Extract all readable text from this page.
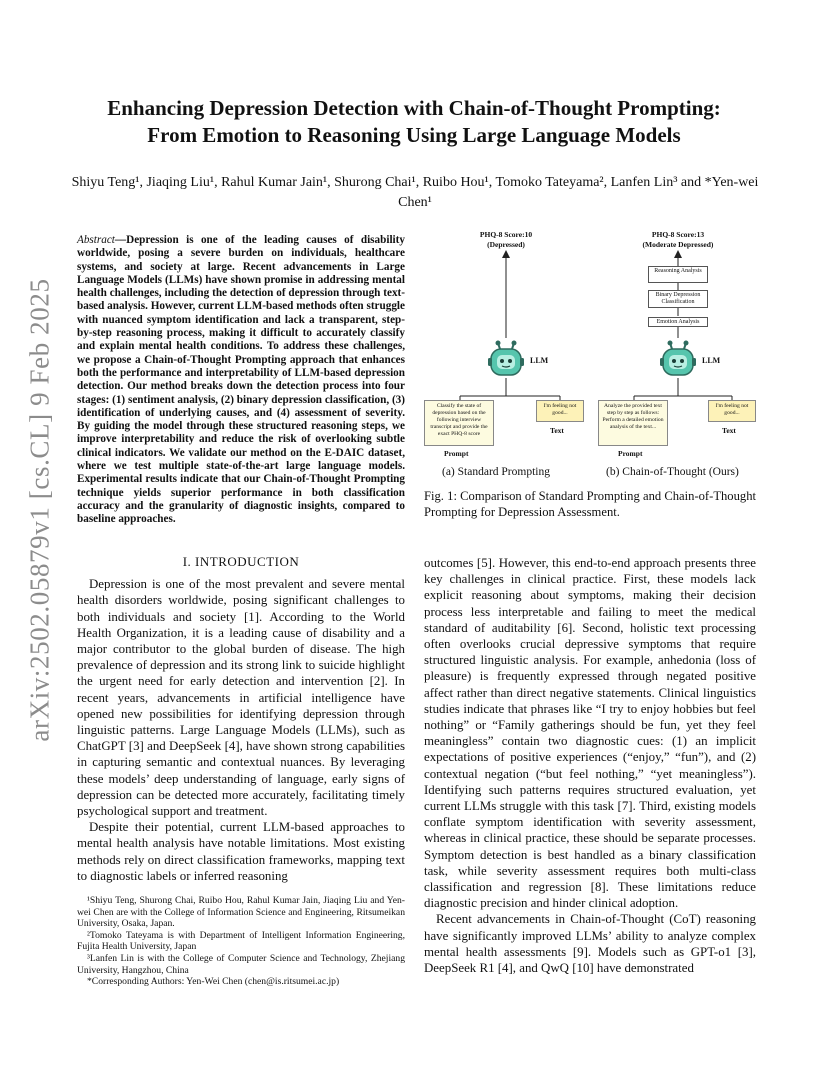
arXiv:2502.05879v1 [cs.CL] 9 Feb 2025
Enhancing Depression Detection with Chain-of-Thought Prompting: From Emotion to Reasoning Using Large Language Models
Shiyu Teng¹, Jiaqing Liu¹, Rahul Kumar Jain¹, Shurong Chai¹, Ruibo Hou¹, Tomoko Tateyama², Lanfen Lin³ and *Yen-wei Chen¹
Abstract—Depression is one of the leading causes of disability worldwide, posing a severe burden on individuals, healthcare systems, and society at large. Recent advancements in Large Language Models (LLMs) have shown promise in addressing mental health challenges, including the detection of depression through text-based analysis. However, current LLM-based methods often struggle with nuanced symptom identification and lack a transparent, step-by-step reasoning process, making it difficult to accurately classify and explain mental health conditions. To address these challenges, we propose a Chain-of-Thought Prompting approach that enhances both the performance and interpretability of LLM-based depression detection. Our method breaks down the detection process into four stages: (1) sentiment analysis, (2) binary depression classification, (3) identification of underlying causes, and (4) assessment of severity. By guiding the model through these structured reasoning steps, we improve interpretability and reduce the risk of overlooking subtle clinical indicators. We validate our method on the E-DAIC dataset, where we test multiple state-of-the-art large language models. Experimental results indicate that our Chain-of-Thought Prompting technique yields superior performance in both classification accuracy and the granularity of diagnostic insights, compared to baseline approaches.
I. INTRODUCTION

Depression is one of the most prevalent and severe mental health disorders worldwide, posing significant challenges to both individuals and society [1]. According to the World Health Organization, it is a leading cause of disability and a major contributor to the global burden of disease. The high prevalence of depression and its strong link to suicide highlight the urgent need for early detection and intervention [2]. In recent years, advancements in artificial intelligence have opened new possibilities for identifying depression through linguistic patterns. Large Language Models (LLMs), such as ChatGPT [3] and DeepSeek [4], have shown strong capabilities in capturing semantic and contextual nuances. By leveraging these models’ deep understanding of language, early signs of depression can be detected more accurately, facilitating timely psychological support and treatment.

Despite their potential, current LLM-based approaches to mental health analysis have notable limitations. Most existing methods rely on direct classification frameworks, mapping text to diagnostic labels or inferred reasoning

¹Shiyu Teng, Shurong Chai, Ruibo Hou, Rahul Kumar Jain, Jiaqing Liu and Yen-wei Chen are with the College of Information Science and Engineering, Ritsumeikan University, Osaka, Japan.

²Tomoko Tateyama is with Department of Intelligent Information Engineering, Fujita Health University, Japan

³Lanfen Lin is with the College of Computer Science and Technology, Zhejiang University, Hangzhou, China

*Corresponding Authors: Yen-Wei Chen (chen@is.ritsumei.ac.jp)

PHQ-8 Score:10
(Depressed)
LLM
Classify the state of depression based on the following interview transcript and provide the exact PHQ-8 score
I'm feeling not good...
Prompt
Text
(a) Standard Prompting
PHQ-8 Score:13
(Moderate Depressed)
Reasoning Analysis
Binary Depression Classification
Emotion Analysis
LLM
Analyze the provided text step by step as follows: Perform a detailed emotion analysis of the text...
I'm feeling not good...
Prompt
Text
(b) Chain-of-Thought (Ours)
Fig. 1: Comparison of Standard Prompting and Chain-of-Thought Prompting for Depression Assessment.

outcomes [5]. However, this end-to-end approach presents three key challenges in clinical practice. First, these models lack explicit reasoning about symptoms, making their decision process less interpretable and failing to meet the medical standard of auditability [6]. Second, holistic text processing often overlooks crucial depressive symptoms that require structured linguistic analysis. For example, anhedonia (loss of pleasure) is frequently expressed through negated positive affect rather than direct negative statements. Clinical linguistics studies indicate that phrases like “I try to enjoy hobbies but feel nothing” or “Family gatherings should be fun, yet they feel meaningless” contain two diagnostic cues: (1) an implicit expectations of positive experiences (“enjoy,” “fun”), and (2) contextual negation (“but feel nothing,” “yet meaningless”). Identifying such patterns requires structured evaluation, yet current LLMs struggle with this task [7]. Third, existing models conflate symptom identification with severity assessment, whereas in clinical practice, these should be separate processes. Symptom detection is best handled as a binary classification task, while severity assessment requires both multi-class classification and regression [8]. These limitations reduce diagnostic precision and hinder clinical adoption.

Recent advancements in Chain-of-Thought (CoT) reasoning have significantly improved LLMs’ ability to analyze complex mental health assessments [9]. Models such as GPT-o1 [3], DeepSeek R1 [4], and QwQ [10] have demonstrated
